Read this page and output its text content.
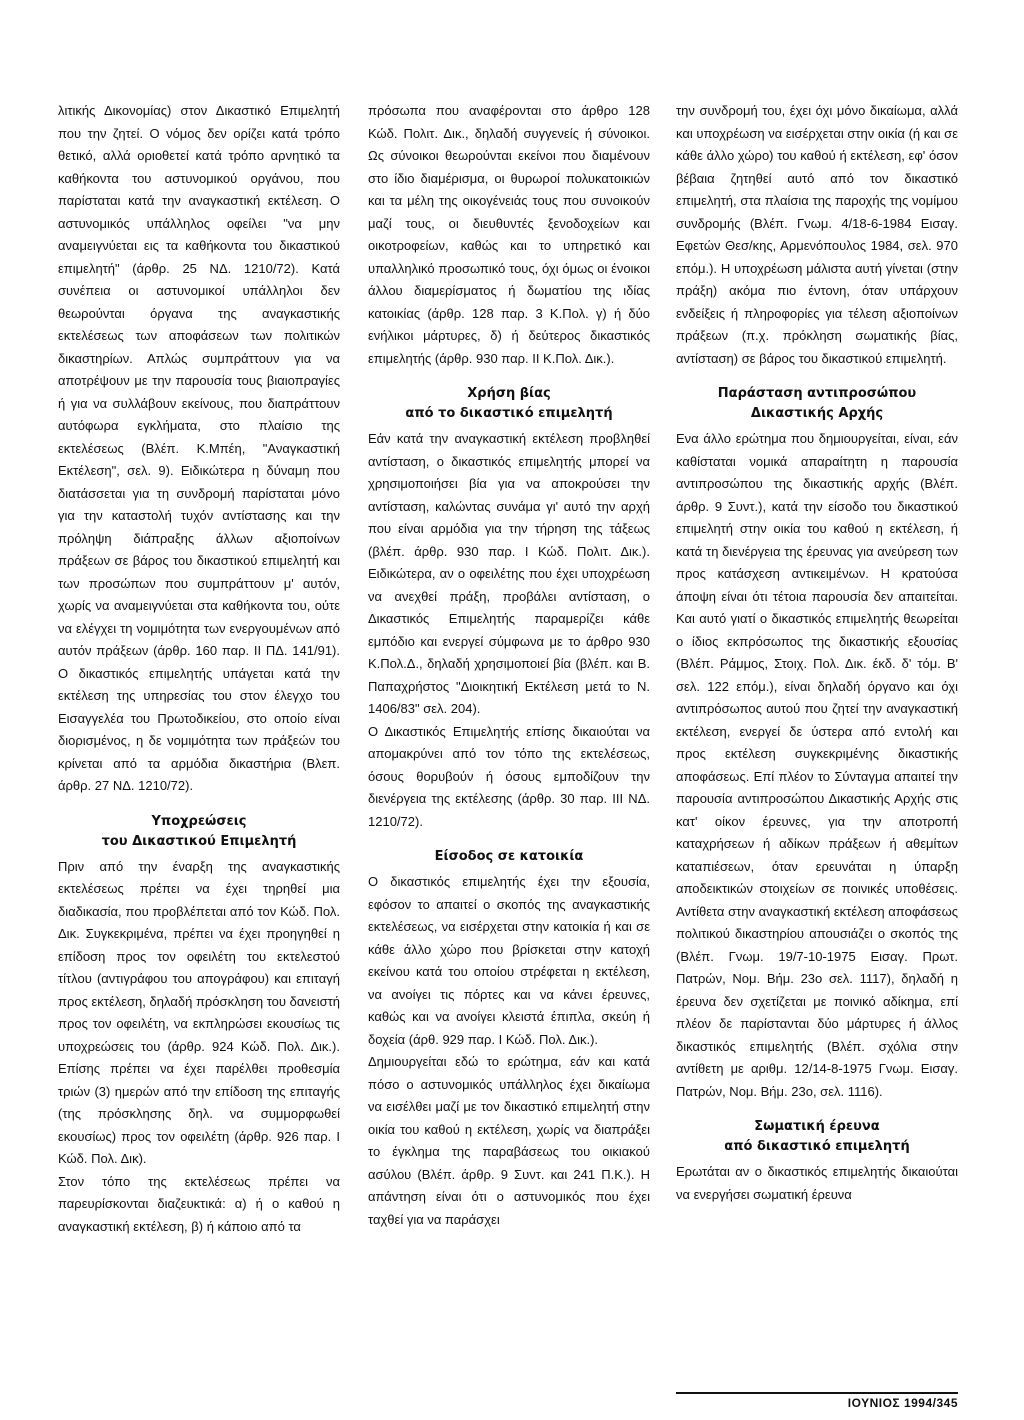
λιτικής Δικονομίας) στον Δικαστικό Επιμελητή που την ζητεί. Ο νόμος δεν ορίζει κατά τρόπο θετικό, αλλά οριοθετεί κατά τρόπο αρνητικό τα καθήκοντα του αστυνομικού οργάνου, που παρίσταται κατά την αναγκαστική εκτέλεση. Ο αστυνομικός υπάλληλος οφείλει "να μην αναμειγνύεται εις τα καθήκοντα του δικαστικού επιμελητή" (άρθρ. 25 ΝΔ. 1210/72). Κατά συνέπεια οι αστυνομικοί υπάλληλοι δεν θεωρούνται όργανα της αναγκαστικής εκτελέσεως των αποφάσεων των πολιτικών δικαστηρίων. Απλώς συμπράττουν για να αποτρέψουν με την παρουσία τους βιαιοπραγίες ή για να συλλάβουν εκείνους, που διαπράττουν αυτόφωρα εγκλήματα, στο πλαίσιο της εκτελέσεως (Βλέπ. Κ.Μπέη, "Αναγκαστική Εκτέλεση", σελ. 9). Ειδικώτερα η δύναμη που διατάσσεται για τη συνδρομή παρίσταται μόνο για την καταστολή τυχόν αντίστασης και την πρόληψη διάπραξης άλλων αξιοποίνων πράξεων σε βάρος του δικαστικού επιμελητή και των προσώπων που συμπράττουν μ' αυτόν, χωρίς να αναμειγνύεται στα καθήκοντα του, ούτε να ελέγχει τη νομιμότητα των ενεργουμένων από αυτόν πράξεων (άρθρ. 160 παρ. II ΠΔ. 141/91). Ο δικαστικός επιμελητής υπάγεται κατά την εκτέλεση της υπηρεσίας του στον έλεγχο του Εισαγγελέα του Πρωτοδικείου, στο οποίο είναι διορισμένος, η δε νομιμότητα των πράξεών του κρίνεται από τα αρμόδια δικαστήρια (Βλεπ. άρθρ. 27 ΝΔ. 1210/72).

Υποχρεώσεις
του Δικαστικού Επιμελητή

Πριν από την έναρξη της αναγκαστικής εκτελέσεως πρέπει να έχει τηρηθεί μια διαδικασία, που προβλέπεται από τον Κώδ. Πολ. Δικ. Συγκεκριμένα, πρέπει να έχει προηγηθεί η επίδοση προς τον οφειλέτη του εκτελεστού τίτλου (αντιγράφου του απογράφου) και επιταγή προς εκτέλεση, δηλαδή πρόσκληση του δανειστή προς τον οφειλέτη, να εκπληρώσει εκουσίως τις υποχρεώσεις του (άρθρ. 924 Κώδ. Πολ. Δικ.). Επίσης πρέπει να έχει παρέλθει προθεσμία τριών (3) ημερών από την επίδοση της επιταγής (της πρόσκλησης δηλ. να συμμορφωθεί εκουσίως) προς τον οφειλέτη (άρθρ. 926 παρ. Ι Κώδ. Πολ. Δικ).

Στον τόπο της εκτελέσεως πρέπει να παρευρίσκονται διαζευκτικά: α) ή ο καθού η αναγκαστική εκτέλεση, β) ή κάποιο από τα

πρόσωπα που αναφέρονται στο άρθρο 128 Κώδ. Πολιτ. Δικ., δηλαδή συγγενείς ή σύνοικοι. Ως σύνοικοι θεωρούνται εκείνοι που διαμένουν στο ίδιο διαμέρισμα, οι θυρωροί πολυκατοικιών και τα μέλη της οικογένειάς τους που συνοικούν μαζί τους, οι διευθυντές ξενοδοχείων και οικοτροφείων, καθώς και το υπηρετικό και υπαλληλικό προσωπικό τους, όχι όμως οι ένοικοι άλλου διαμερίσματος ή δωματίου της ιδίας κατοικίας (άρθρ. 128 παρ. 3 Κ.Πολ. γ) ή δύο ενήλικοι μάρτυρες, δ) ή δεύτερος δικαστικός επιμελητής (άρθρ. 930 παρ. ΙΙ Κ.Πολ. Δικ.).

Χρήση βίας
από το δικαστικό επιμελητή

Εάν κατά την αναγκαστική εκτέλεση προβληθεί αντίσταση, ο δικαστικός επιμελητής μπορεί να χρησιμοποιήσει βία για να αποκρούσει την αντίσταση, καλώντας συνάμα γι' αυτό την αρχή που είναι αρμόδια για την τήρηση της τάξεως (βλέπ. άρθρ. 930 παρ. Ι Κώδ. Πολιτ. Δικ.). Ειδικώτερα, αν ο οφειλέτης που έχει υποχρέωση να ανεχθεί πράξη, προβάλει αντίσταση, ο Δικαστικός Επιμελητής παραμερίζει κάθε εμπόδιο και ενεργεί σύμφωνα με το άρθρο 930 Κ.Πολ.Δ., δηλαδή χρησιμοποιεί βία (βλέπ. και Β. Παπαχρήστος "Διοικητική Εκτέλεση μετά το Ν. 1406/83" σελ. 204).

Ο Δικαστικός Επιμελητής επίσης δικαιούται να απομακρύνει από τον τόπο της εκτελέσεως, όσους θορυβούν ή όσους εμποδίζουν την διενέργεια της εκτέλεσης (άρθρ. 30 παρ. ΙΙΙ ΝΔ. 1210/72).

Είσοδος σε κατοικία

Ο δικαστικός επιμελητής έχει την εξουσία, εφόσον το απαιτεί ο σκοπός της αναγκαστικής εκτελέσεως, να εισέρχεται στην κατοικία ή και σε κάθε άλλο χώρο που βρίσκεται στην κατοχή εκείνου κατά του οποίου στρέφεται η εκτέλεση, να ανοίγει τις πόρτες και να κάνει έρευνες, καθώς και να ανοίγει κλειστά έπιπλα, σκεύη ή δοχεία (άρθ. 929 παρ. Ι Κώδ. Πολ. Δικ.).

Δημιουργείται εδώ το ερώτημα, εάν και κατά πόσο ο αστυνομικός υπάλληλος έχει δικαίωμα να εισέλθει μαζί με τον δικαστικό επιμελητή στην οικία του καθού η εκτέλεση, χωρίς να διαπράξει το έγκλημα της παραβάσεως του οικιακού ασύλου (Βλέπ. άρθρ. 9 Συντ. και 241 Π.Κ.). Η απάντηση είναι ότι ο αστυνομικός που έχει ταχθεί για να παράσχει

την συνδρομή του, έχει όχι μόνο δικαίωμα, αλλά και υποχρέωση να εισέρχεται στην οικία (ή και σε κάθε άλλο χώρο) του καθού ή εκτέλεση, εφ' όσον βέβαια ζητηθεί αυτό από τον δικαστικό επιμελητή, στα πλαίσια της παροχής της νομίμου συνδρομής (Βλέπ. Γνωμ. 4/18-6-1984 Εισαγ. Εφετών Θεσ/κης, Αρμενόπουλος 1984, σελ. 970 επόμ.). Η υποχρέωση μάλιστα αυτή γίνεται (στην πράξη) ακόμα πιο έντονη, όταν υπάρχουν ενδείξεις ή πληροφορίες για τέλεση αξιοποίνων πράξεων (π.χ. πρόκληση σωματικής βίας, αντίσταση) σε βάρος του δικαστικού επιμελητή.

Παράσταση αντιπροσώπου
Δικαστικής Αρχής

Ενα άλλο ερώτημα που δημιουργείται, είναι, εάν καθίσταται νομικά απαραίτητη η παρουσία αντιπροσώπου της δικαστικής αρχής (Βλέπ. άρθρ. 9 Συντ.), κατά την είσοδο του δικαστικού επιμελητή στην οικία του καθού η εκτέλεση, ή κατά τη διενέργεια της έρευνας για ανεύρεση των προς κατάσχεση αντικειμένων. Η κρατούσα άποψη είναι ότι τέτοια παρουσία δεν απαιτείται. Και αυτό γιατί ο δικαστικός επιμελητής θεωρείται ο ίδιος εκπρόσωπος της δικαστικής εξουσίας (Βλέπ. Ράμμος, Στοιχ. Πολ. Δικ. έκδ. δ' τόμ. Β' σελ. 122 επόμ.), είναι δηλαδή όργανο και όχι αντιπρόσωπος αυτού που ζητεί την αναγκαστική εκτέλεση, ενεργεί δε ύστερα από εντολή και προς εκτέλεση συγκεκριμένης δικαστικής αποφάσεως. Επί πλέον το Σύνταγμα απαιτεί την παρουσία αντιπροσώπου Δικαστικής Αρχής στις κατ' οίκον έρευνες, για την αποτροπή καταχρήσεων ή αδίκων πράξεων ή αθεμίτων καταπιέσεων, όταν ερευνάται η ύπαρξη αποδεικτικών στοιχείων σε ποινικές υποθέσεις. Αντίθετα στην αναγκαστική εκτέλεση αποφάσεως πολιτικού δικαστηρίου απουσιάζει ο σκοπός της (Βλέπ. Γνωμ. 19/7-10-1975 Εισαγ. Πρωτ. Πατρών, Νομ. Βήμ. 23ο σελ. 1117), δηλαδή η έρευνα δεν σχετίζεται με ποινικό αδίκημα, επί πλέον δε παρίστανται δύο μάρτυρες ή άλλος δικαστικός επιμελητής (Βλέπ. σχόλια στην αντίθετη με αριθμ. 12/14-8-1975 Γνωμ. Εισαγ. Πατρών, Νομ. Βήμ. 23ο, σελ. 1116).

Σωματική έρευνα
από δικαστικό επιμελητή

Ερωτάται αν ο δικαστικός επιμελητής δικαιούται να ενεργήσει σωματική έρευνα

ΙΟΥΝΙΟΣ 1994/345
